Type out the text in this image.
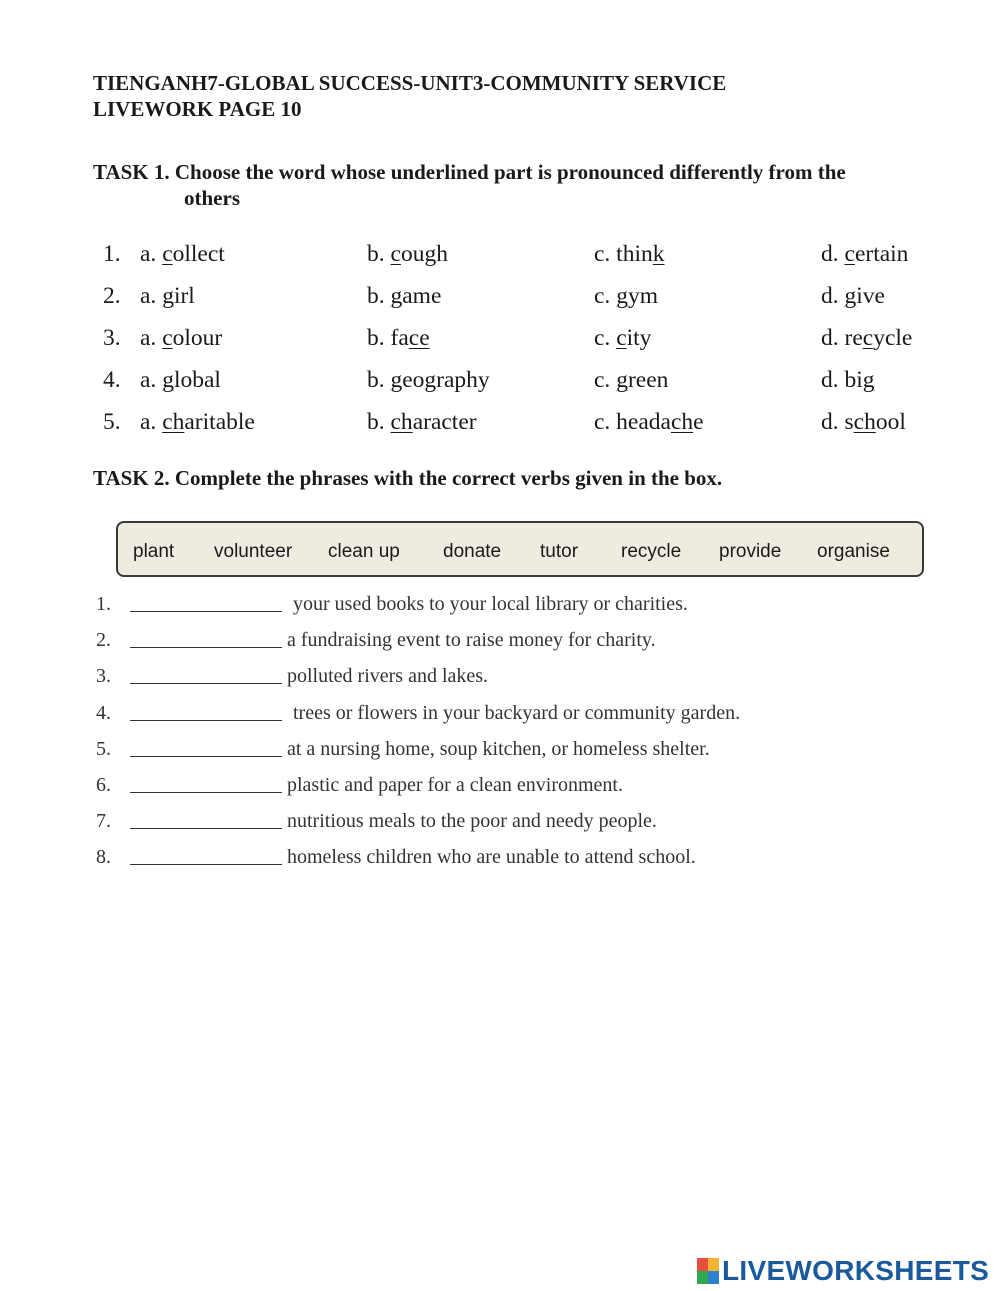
TIENGANH7-GLOBAL SUCCESS-UNIT3-COMMUNITY SERVICE
LIVEWORK PAGE 10
TASK 1. Choose the word whose underlined part is pronounced differently from the
others
1. a. collect	b. cough	c. think	d. certain
2. a. girl	b. game	c. gym	d. give
3. a. colour	b. face	c. city	d. recycle
4. a. global	b. geography	c. green	d. big
5. a. charitable	b. character	c. headache	d. school
TASK 2. Complete the phrases with the correct verbs given in the box.
plant volunteer clean up donate tutor recycle provide organise
1.	your used books to your local library or charities.
2.	a fundraising event to raise money for charity.
3.	polluted rivers and lakes.
4.	trees or flowers in your backyard or community garden.
5.	at a nursing home, soup kitchen, or homeless shelter.
6.	plastic and paper for a clean environment.
7.	nutritious meals to the poor and needy people.
8.	homeless children who are unable to attend school.
LIVEWORKSHEETS
